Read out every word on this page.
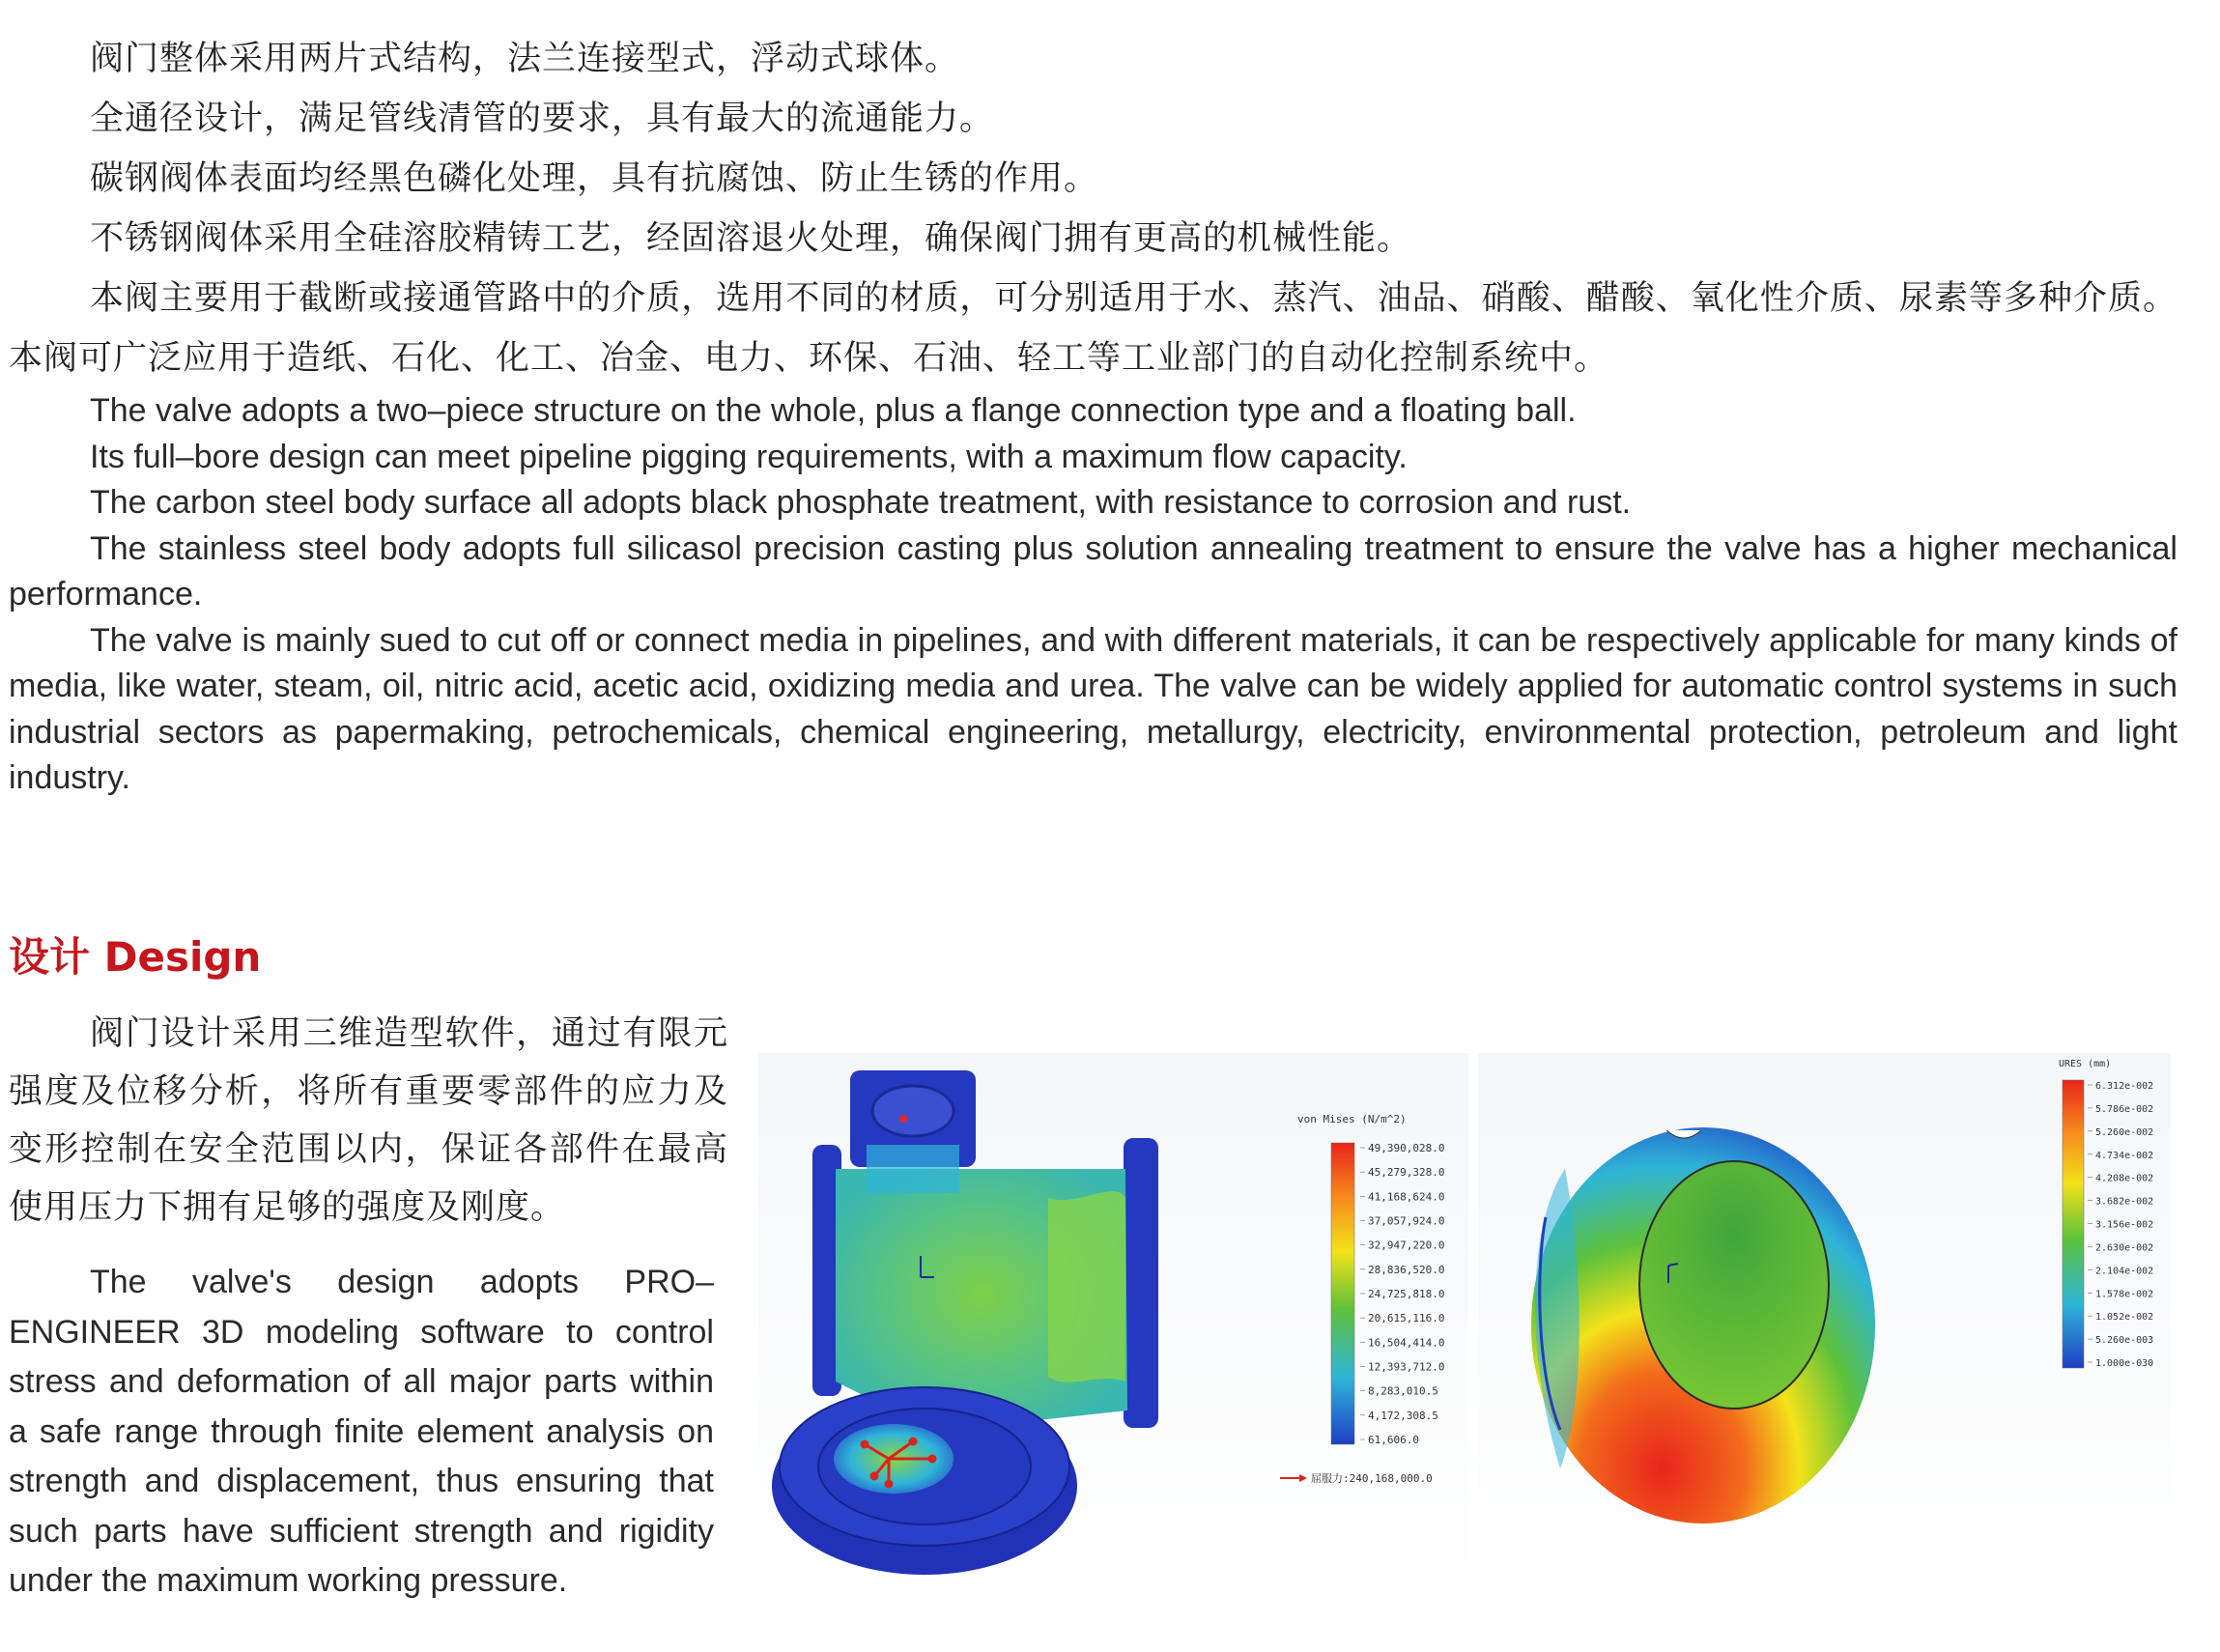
阀门整体采用两片式结构，法兰连接型式，浮动式球体。

全通径设计，满足管线清管的要求，具有最大的流通能力。

碳钢阀体表面均经黑色磷化处理，具有抗腐蚀、防止生锈的作用。

不锈钢阀体采用全硅溶胶精铸工艺，经固溶退火处理，确保阀门拥有更高的机械性能。

本阀主要用于截断或接通管路中的介质，选用不同的材质，可分别适用于水、蒸汽、油品、硝酸、醋酸、氧化性介质、尿素等多种介质。本阀可广泛应用于造纸、石化、化工、冶金、电力、环保、石油、轻工等工业部门的自动化控制系统中。

The valve adopts a two–piece structure on the whole, plus a flange connection type and a floating ball.

Its full–bore design can meet pipeline pigging requirements, with a maximum flow capacity.

The carbon steel body surface all adopts black phosphate treatment, with resistance to corrosion and rust.

The stainless steel body adopts full silicasol precision casting plus solution annealing treatment to ensure the valve has a higher mechanical performance.

The valve is mainly sued to cut off or connect media in pipelines, and with different materials, it can be respectively applicable for many kinds of media, like water, steam, oil, nitric acid, acetic acid, oxidizing media and urea. The valve can be widely applied for automatic control systems in such industrial sectors as papermaking, petrochemicals, chemical engineering, metallurgy, electricity, environmental protection, petroleum and light industry.

设计 Design

阀门设计采用三维造型软件，通过有限元强度及位移分析，将所有重要零部件的应力及变形控制在安全范围以内，保证各部件在最高使用压力下拥有足够的强度及刚度。

The valve's design adopts PRO–ENGINEER 3D modeling software to control stress and deformation of all major parts within a safe range through finite element analysis on strength and displacement, thus ensuring that such parts have sufficient strength and rigidity under the maximum working pressure.

von Mises (N/m^2)
49,390,028.0
45,279,328.0
41,168,624.0
37,057,924.0
32,947,220.0
28,836,520.0
24,725,818.0
20,615,116.0
16,504,414.0
12,393,712.0
8,283,010.5
4,172,308.5
61,606.0
屈服力:240,168,000.0
URES (mm)
6.312e-002
5.786e-002
5.260e-002
4.734e-002
4.208e-002
3.682e-002
3.156e-002
2.630e-002
2.104e-002
1.578e-002
1.052e-002
5.260e-003
1.000e-030
